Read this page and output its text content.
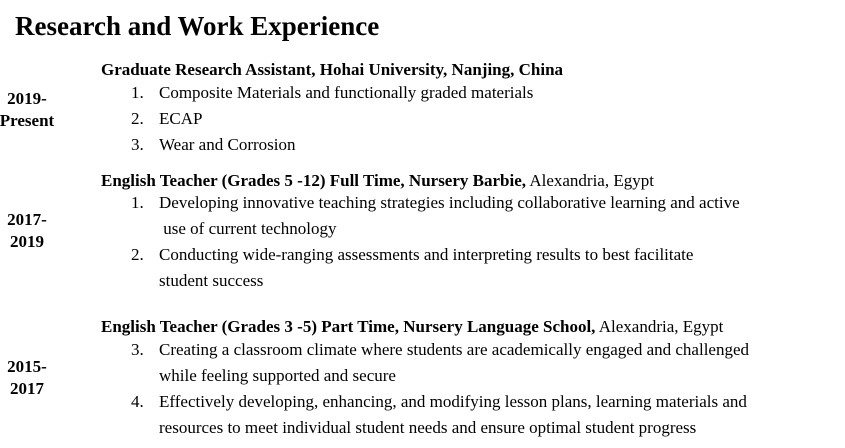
Research and Work Experience
2019-
Present
Graduate Research Assistant, Hohai University, Nanjing, China
1. Composite Materials and functionally graded materials
2. ECAP
3. Wear and Corrosion
2017-
2019
English Teacher (Grades 5 -12) Full Time, Nursery Barbie, Alexandria, Egypt
1. Developing innovative teaching strategies including collaborative learning and active
use of current technology
2. Conducting wide-ranging assessments and interpreting results to best facilitate
student success
2015-
2017
English Teacher (Grades 3 -5) Part Time, Nursery Language School, Alexandria, Egypt
3. Creating a classroom climate where students are academically engaged and challenged
while feeling supported and secure
4. Effectively developing, enhancing, and modifying lesson plans, learning materials and
resources to meet individual student needs and ensure optimal student progress
